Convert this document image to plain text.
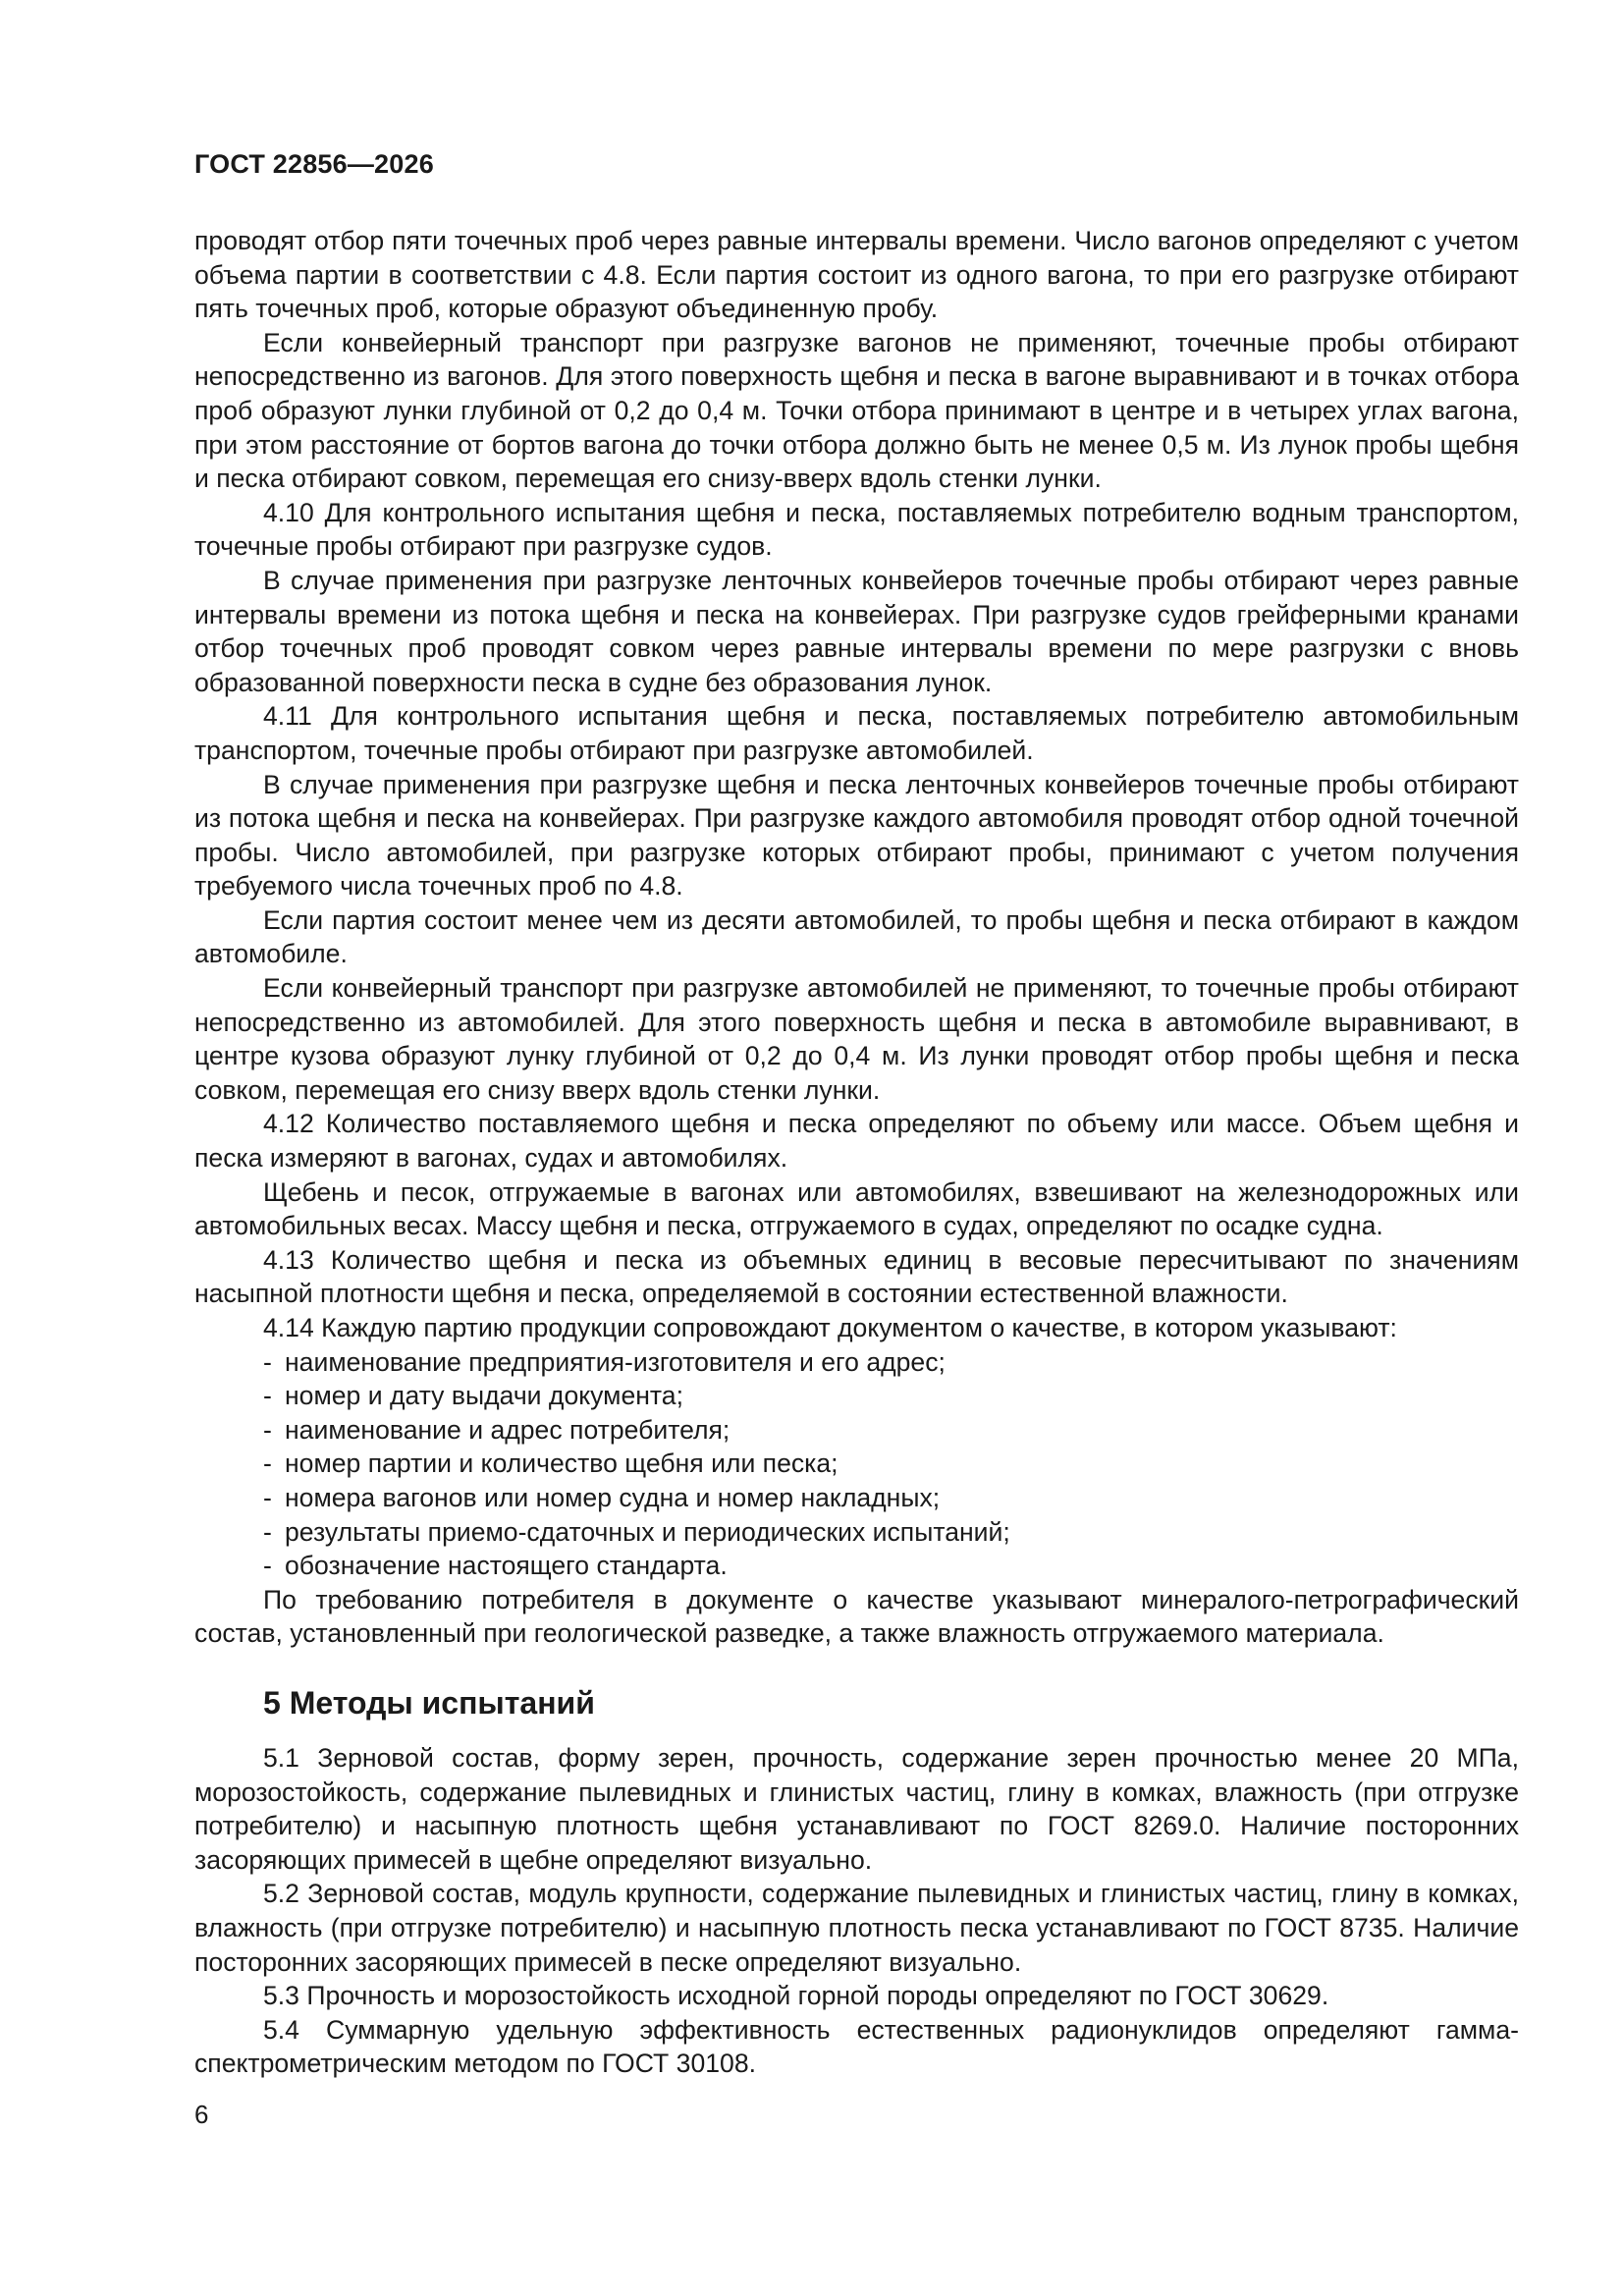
ГОСТ 22856—2026

проводят отбор пяти точечных проб через равные интервалы времени. Число вагонов определяют с учетом объема партии в соответствии с 4.8. Если партия состоит из одного вагона, то при его разгрузке отбирают пять точечных проб, которые образуют объединенную пробу.

Если конвейерный транспорт при разгрузке вагонов не применяют, точечные пробы отбирают непосредственно из вагонов. Для этого поверхность щебня и песка в вагоне выравнивают и в точках отбора проб образуют лунки глубиной от 0,2 до 0,4 м. Точки отбора принимают в центре и в четырех углах вагона, при этом расстояние от бортов вагона до точки отбора должно быть не менее 0,5 м. Из лунок пробы щебня и песка отбирают совком, перемещая его снизу-вверх вдоль стенки лунки.

4.10 Для контрольного испытания щебня и песка, поставляемых потребителю водным транспортом, точечные пробы отбирают при разгрузке судов.

В случае применения при разгрузке ленточных конвейеров точечные пробы отбирают через равные интервалы времени из потока щебня и песка на конвейерах. При разгрузке судов грейферными кранами отбор точечных проб проводят совком через равные интервалы времени по мере разгрузки с вновь образованной поверхности песка в судне без образования лунок.

4.11 Для контрольного испытания щебня и песка, поставляемых потребителю автомобильным транспортом, точечные пробы отбирают при разгрузке автомобилей.

В случае применения при разгрузке щебня и песка ленточных конвейеров точечные пробы отбирают из потока щебня и песка на конвейерах. При разгрузке каждого автомобиля проводят отбор одной точечной пробы. Число автомобилей, при разгрузке которых отбирают пробы, принимают с учетом получения требуемого числа точечных проб по 4.8.

Если партия состоит менее чем из десяти автомобилей, то пробы щебня и песка отбирают в каждом автомобиле.

Если конвейерный транспорт при разгрузке автомобилей не применяют, то точечные пробы отбирают непосредственно из автомобилей. Для этого поверхность щебня и песка в автомобиле выравнивают, в центре кузова образуют лунку глубиной от 0,2 до 0,4 м. Из лунки проводят отбор пробы щебня и песка совком, перемещая его снизу вверх вдоль стенки лунки.

4.12 Количество поставляемого щебня и песка определяют по объему или массе. Объем щебня и песка измеряют в вагонах, судах и автомобилях.

Щебень и песок, отгружаемые в вагонах или автомобилях, взвешивают на железнодорожных или автомобильных весах. Массу щебня и песка, отгружаемого в судах, определяют по осадке судна.

4.13 Количество щебня и песка из объемных единиц в весовые пересчитывают по значениям насыпной плотности щебня и песка, определяемой в состоянии естественной влажности.

4.14 Каждую партию продукции сопровождают документом о качестве, в котором указывают:

- наименование предприятия-изготовителя и его адрес;
- номер и дату выдачи документа;
- наименование и адрес потребителя;
- номер партии и количество щебня или песка;
- номера вагонов или номер судна и номер накладных;
- результаты приемо-сдаточных и периодических испытаний;
- обозначение настоящего стандарта.

По требованию потребителя в документе о качестве указывают минералого-петрографический состав, установленный при геологической разведке, а также влажность отгружаемого материала.

5 Методы испытаний

5.1 Зерновой состав, форму зерен, прочность, содержание зерен прочностью менее 20 МПа, морозостойкость, содержание пылевидных и глинистых частиц, глину в комках, влажность (при отгрузке потребителю) и насыпную плотность щебня устанавливают по ГОСТ 8269.0. Наличие посторонних засоряющих примесей в щебне определяют визуально.

5.2 Зерновой состав, модуль крупности, содержание пылевидных и глинистых частиц, глину в комках, влажность (при отгрузке потребителю) и насыпную плотность песка устанавливают по ГОСТ 8735. Наличие посторонних засоряющих примесей в песке определяют визуально.

5.3 Прочность и морозостойкость исходной горной породы определяют по ГОСТ 30629.

5.4 Суммарную удельную эффективность естественных радионуклидов определяют гамма-спектрометрическим методом по ГОСТ 30108.

6
